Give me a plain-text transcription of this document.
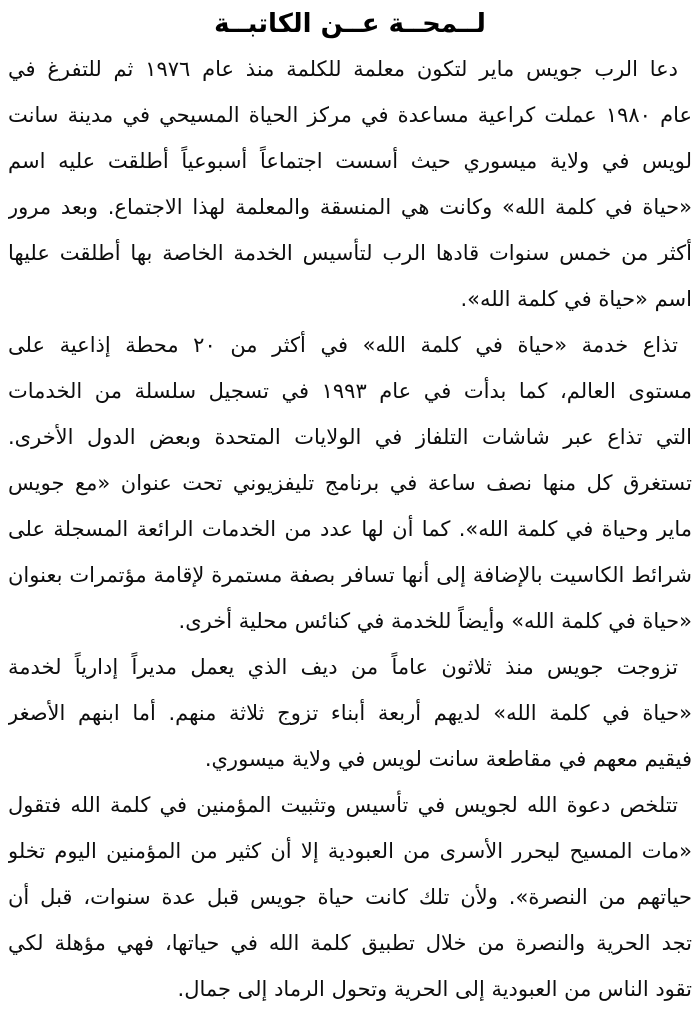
لــمحــة عــن الكاتبــة
دعا الرب جويس ماير لتكون معلمة للكلمة منذ عام ١٩٧٦ ثم للتفرغ في
عام ١٩٨٠ عملت كراعية مساعدة في مركز الحياة المسيحي في مدينة سانت
لويس في ولاية ميسوري حيث أسست اجتماعاً أسبوعياً أطلقت عليه اسم
«حياة في كلمة الله» وكانت هي المنسقة والمعلمة لهذا الاجتماع. وبعد مرور
أكثر من خمس سنوات قادها الرب لتأسيس الخدمة الخاصة بها أطلقت عليها
اسم «حياة في كلمة الله».
تذاع خدمة «حياة في كلمة الله» في أكثر من ٢٠ محطة إذاعية على
مستوى العالم، كما بدأت في عام ١٩٩٣ في تسجيل سلسلة من الخدمات
التي تذاع عبر شاشات التلفاز في الولايات المتحدة وبعض الدول الأخرى.
تستغرق كل منها نصف ساعة في برنامج تليفزيوني تحت عنوان «مع جويس
ماير وحياة في كلمة الله». كما أن لها عدد من الخدمات الرائعة المسجلة على
شرائط الكاسيت بالإضافة إلى أنها تسافر بصفة مستمرة لإقامة مؤتمرات بعنوان
«حياة في كلمة الله» وأيضاً للخدمة في كنائس محلية أخرى.
تزوجت جويس منذ ثلاثون عاماً من ديف الذي يعمل مديراً إدارياً لخدمة
«حياة في كلمة الله» لديهم أربعة أبناء تزوج ثلاثة منهم. أما ابنهم الأصغر
فيقيم معهم في مقاطعة سانت لويس في ولاية ميسوري.
تتلخص دعوة الله لجويس في تأسيس وتثبيت المؤمنين في كلمة الله فتقول
«مات المسيح ليحرر الأسرى من العبودية إلا أن كثير من المؤمنين اليوم تخلو
حياتهم من النصرة». ولأن تلك كانت حياة جويس قبل عدة سنوات، قبل أن
تجد الحرية والنصرة من خلال تطبيق كلمة الله في حياتها، فهي مؤهلة لكي
تقود الناس من العبودية إلى الحرية وتحول الرماد إلى جمال.
